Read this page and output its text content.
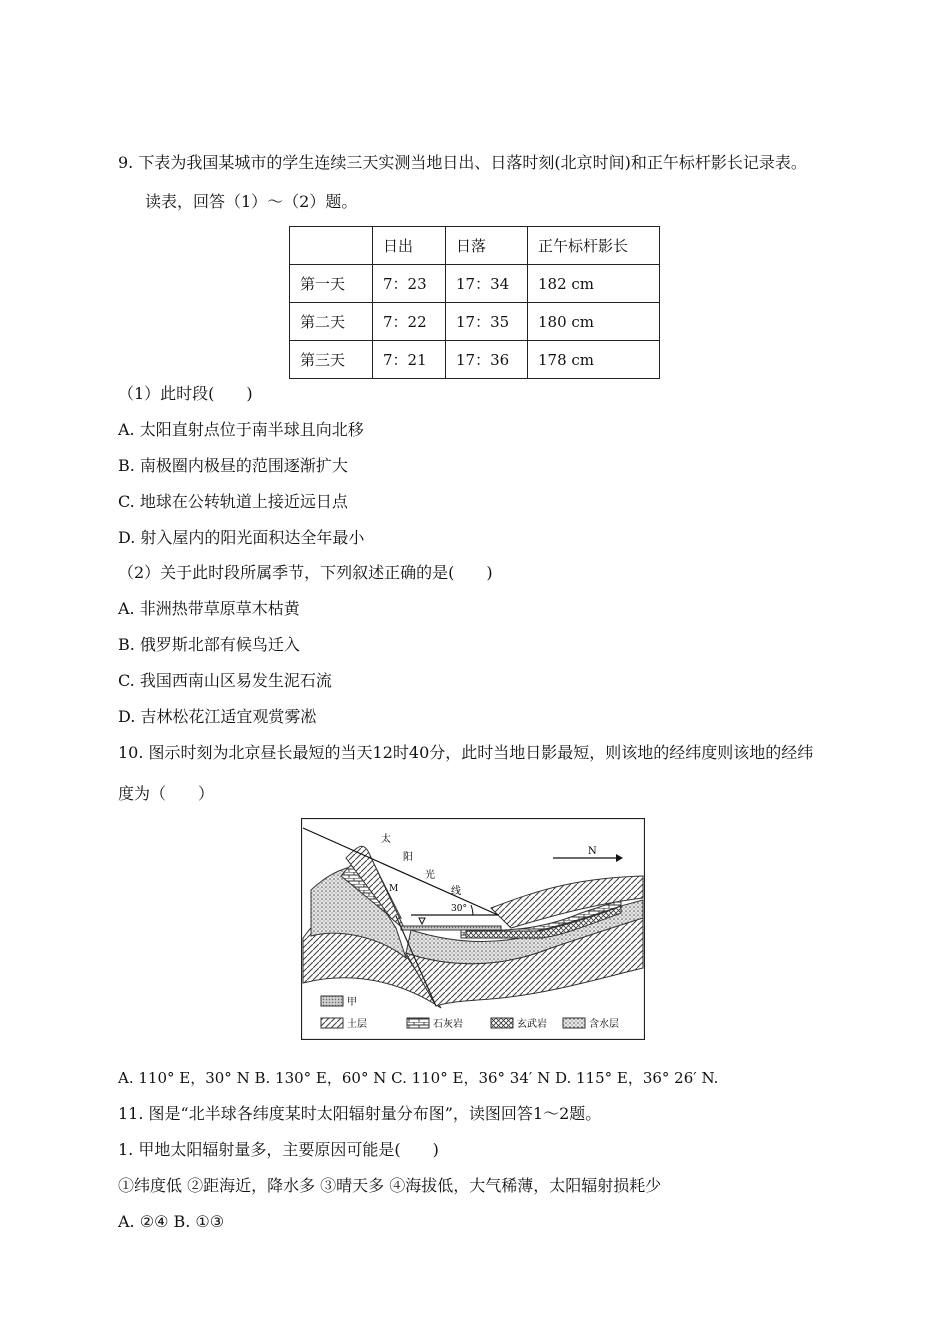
9. 下表为我国某城市的学生连续三天实测当地日出、日落时刻(北京时间)和正午标杆影长记录表。
读表，回答（1）～（2）题。
	日出	日落	正午标杆影长
第一天	7：23	17：34	182 cm
第二天	7：22	17：35	180 cm
第三天	7：21	17：36	178 cm
（1）此时段(　　)
A. 太阳直射点位于南半球且向北移
B. 南极圈内极昼的范围逐渐扩大
C. 地球在公转轨道上接近远日点
D. 射入屋内的阳光面积达全年最小
（2）关于此时段所属季节，下列叙述正确的是(　　)
A. 非洲热带草原草木枯黄
B. 俄罗斯北部有候鸟迁入
C. 我国西南山区易发生泥石流
D. 吉林松花江适宜观赏雾凇
10. 图示时刻为北京昼长最短的当天12时40分，此时当地日影最短，则该地的经纬度则该地的经纬
度为（　　）
太
阳
光
线
30°
M
N
甲
土层	石灰岩	玄武岩	含水层
A. 110° E，30° N B. 130° E，60° N C. 110° E，36° 34′ N D. 115° E，36° 26′ N.
11. 图是“北半球各纬度某时太阳辐射量分布图”，读图回答1～2题。
1. 甲地太阳辐射量多，主要原因可能是(　　)
①纬度低 ②距海近，降水多 ③晴天多 ④海拔低，大气稀薄，太阳辐射损耗少
A. ②④ B. ①③
